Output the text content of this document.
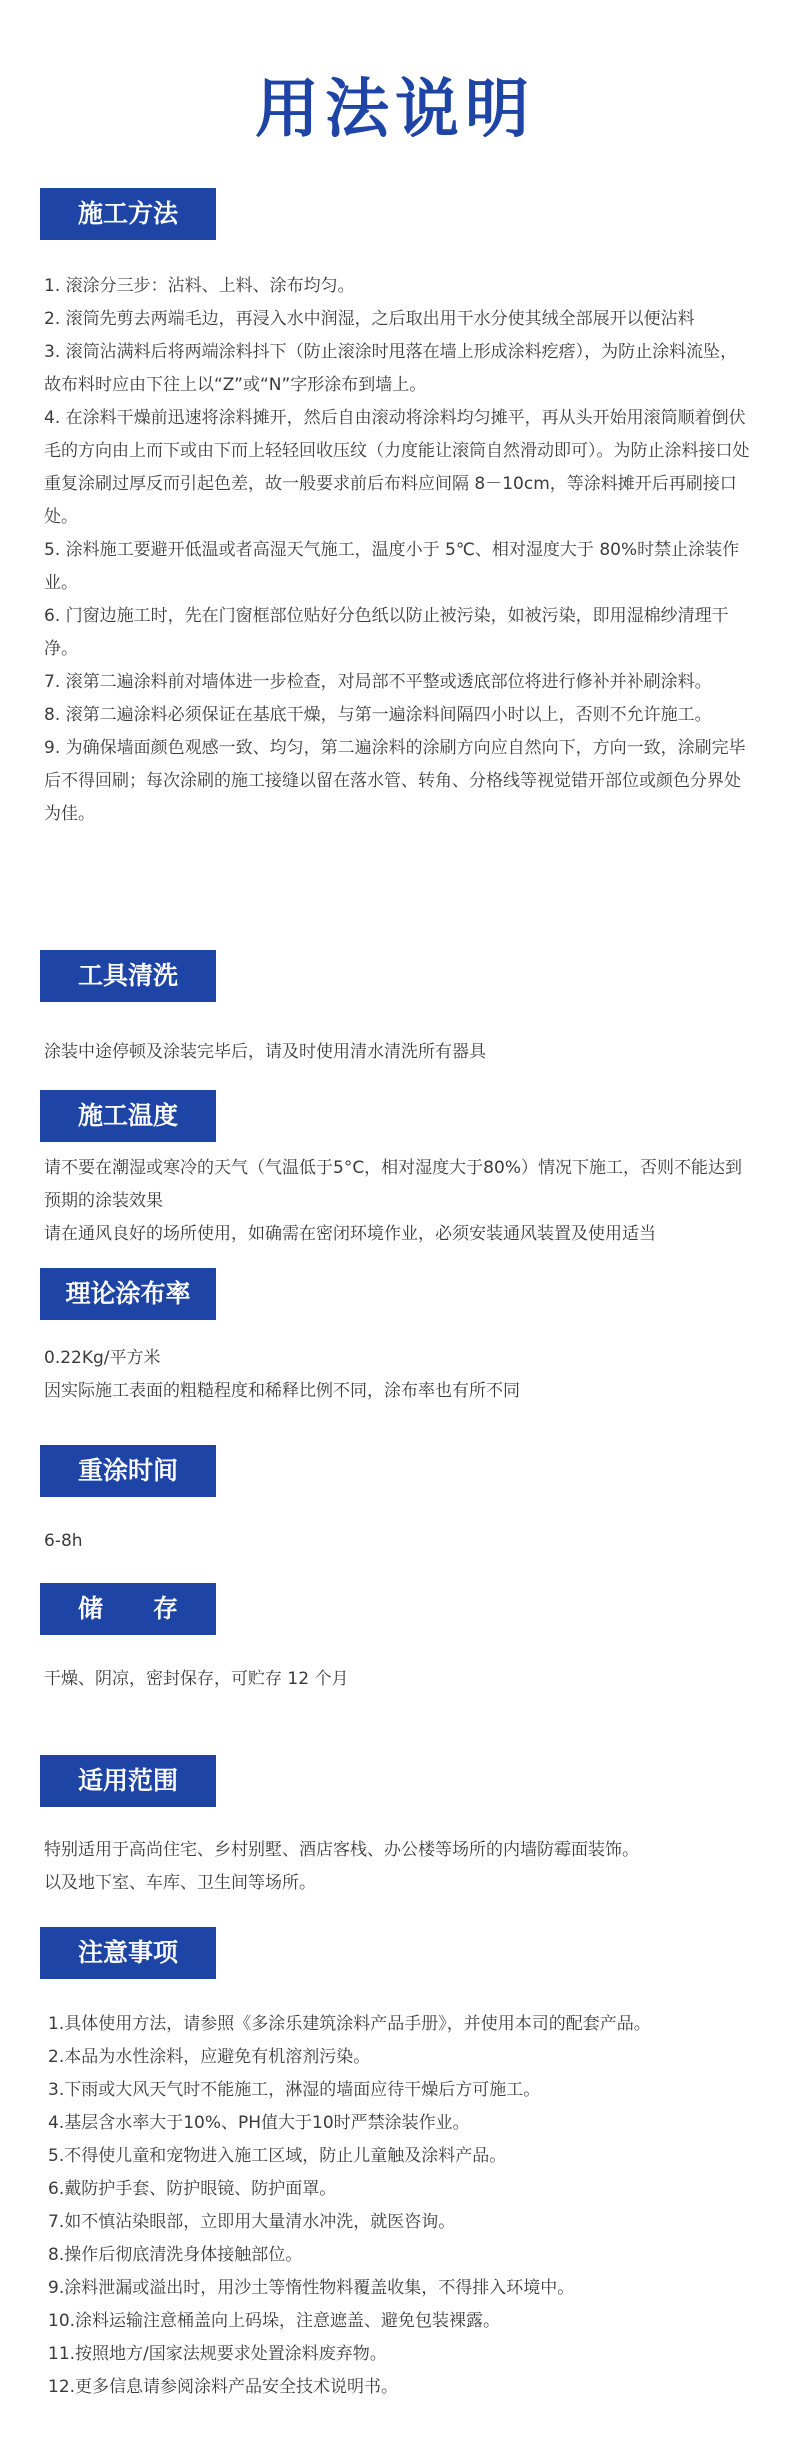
用法说明
施工方法

1. 滚涂分三步：沾料、上料、涂布均匀。

2. 滚筒先剪去两端毛边，再浸入水中润湿，之后取出用干水分使其绒全部展开以便沾料

3. 滚筒沾满料后将两端涂料抖下（防止滚涂时甩落在墙上形成涂料疙瘩），为防止涂料流坠，故布料时应由下往上以“Z”或“N”字形涂布到墙上。

4. 在涂料干燥前迅速将涂料摊开，然后自由滚动将涂料均匀摊平，再从头开始用滚筒顺着倒伏毛的方向由上而下或由下而上轻轻回收压纹（力度能让滚筒自然滑动即可）。为防止涂料接口处重复涂刷过厚反而引起色差，故一般要求前后布料应间隔 8－10cm，等涂料摊开后再刷接口处。

5. 涂料施工要避开低温或者高湿天气施工，温度小于 5℃、相对湿度大于 80%时禁止涂装作业。

6. 门窗边施工时，先在门窗框部位贴好分色纸以防止被污染，如被污染，即用湿棉纱清理干净。

7. 滚第二遍涂料前对墙体进一步检查，对局部不平整或透底部位将进行修补并补刷涂料。

8. 滚第二遍涂料必须保证在基底干燥，与第一遍涂料间隔四小时以上，否则不允许施工。

9. 为确保墙面颜色观感一致、均匀，第二遍涂料的涂刷方向应自然向下，方向一致，涂刷完毕后不得回刷；每次涂刷的施工接缝以留在落水管、转角、分格线等视觉错开部位或颜色分界处为佳。

工具清洗

涂装中途停顿及涂装完毕后，请及时使用清水清洗所有器具

施工温度

请不要在潮湿或寒冷的天气（气温低于5°C，相对湿度大于80%）情况下施工，否则不能达到预期的涂装效果

请在通风良好的场所使用，如确需在密闭环境作业，必须安装通风装置及使用适当

理论涂布率

0.22Kg/平方米

因实际施工表面的粗糙程度和稀释比例不同，涂布率也有所不同

重涂时间

6-8h

储　　存

干燥、阴凉，密封保存，可贮存 12 个月

适用范围

特别适用于高尚住宅、乡村别墅、酒店客栈、办公楼等场所的内墙防霉面装饰。

以及地下室、车库、卫生间等场所。

注意事项

1.具体使用方法，请参照《多涂乐建筑涂料产品手册》，并使用本司的配套产品。

2.本品为水性涂料，应避免有机溶剂污染。

3.下雨或大风天气时不能施工，淋湿的墙面应待干燥后方可施工。

4.基层含水率大于10%、PH值大于10时严禁涂装作业。

5.不得使儿童和宠物进入施工区域，防止儿童触及涂料产品。

6.戴防护手套、防护眼镜、防护面罩。

7.如不慎沾染眼部，立即用大量清水冲洗，就医咨询。

8.操作后彻底清洗身体接触部位。

9.涂料泄漏或溢出时，用沙土等惰性物料覆盖收集，不得排入环境中。

10.涂料运输注意桶盖向上码垛，注意遮盖、避免包装裸露。

11.按照地方/国家法规要求处置涂料废弃物。

12.更多信息请参阅涂料产品安全技术说明书。
